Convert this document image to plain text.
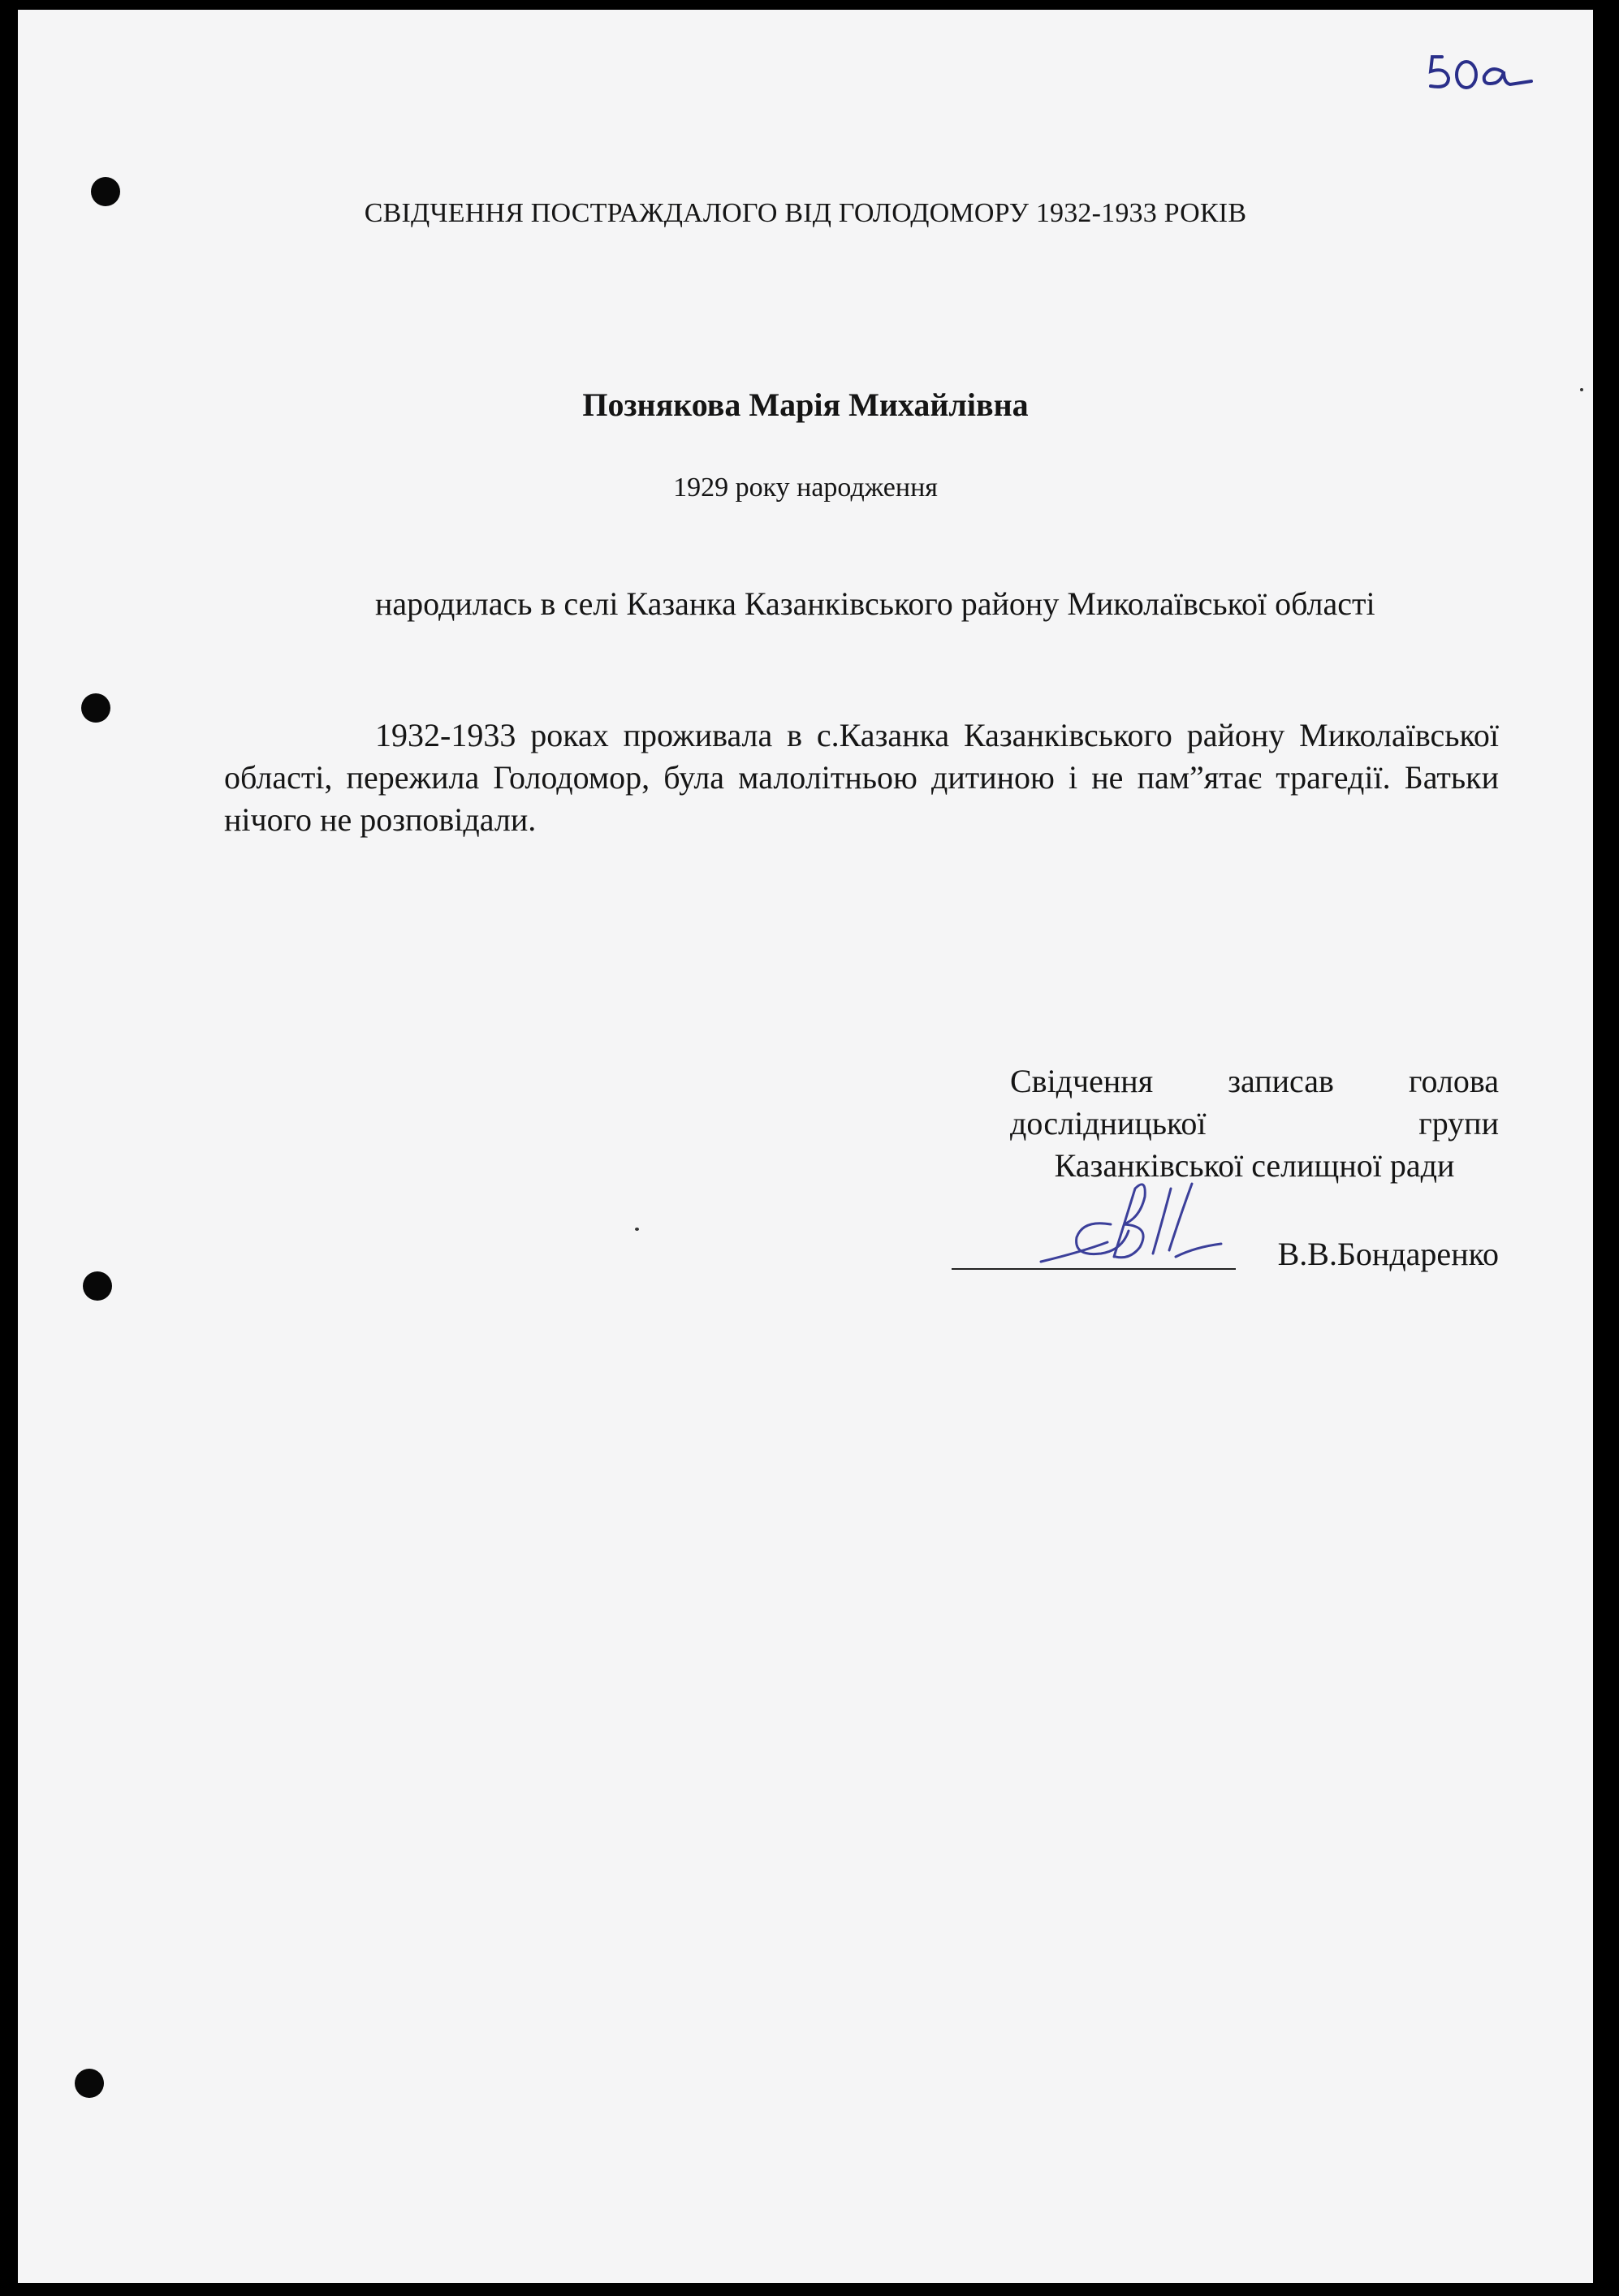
СВІДЧЕННЯ ПОСТРАЖДАЛОГО ВІД ГОЛОДОМОРУ 1932-1933 РОКІВ
Познякова Марія Михайлівна
1929 року народження
народилась в селі Казанка Казанківського району Миколаївської області
1932-1933 роках проживала в с.Казанка Казанківського району Миколаївської області, пережила Голодомор, була малолітньою дитиною і не пам”ятає трагедії. Батьки нічого не розповідали.
Свідчення записав голова дослідницької групи
Казанківської селищної ради
В.В.Бондаренко
